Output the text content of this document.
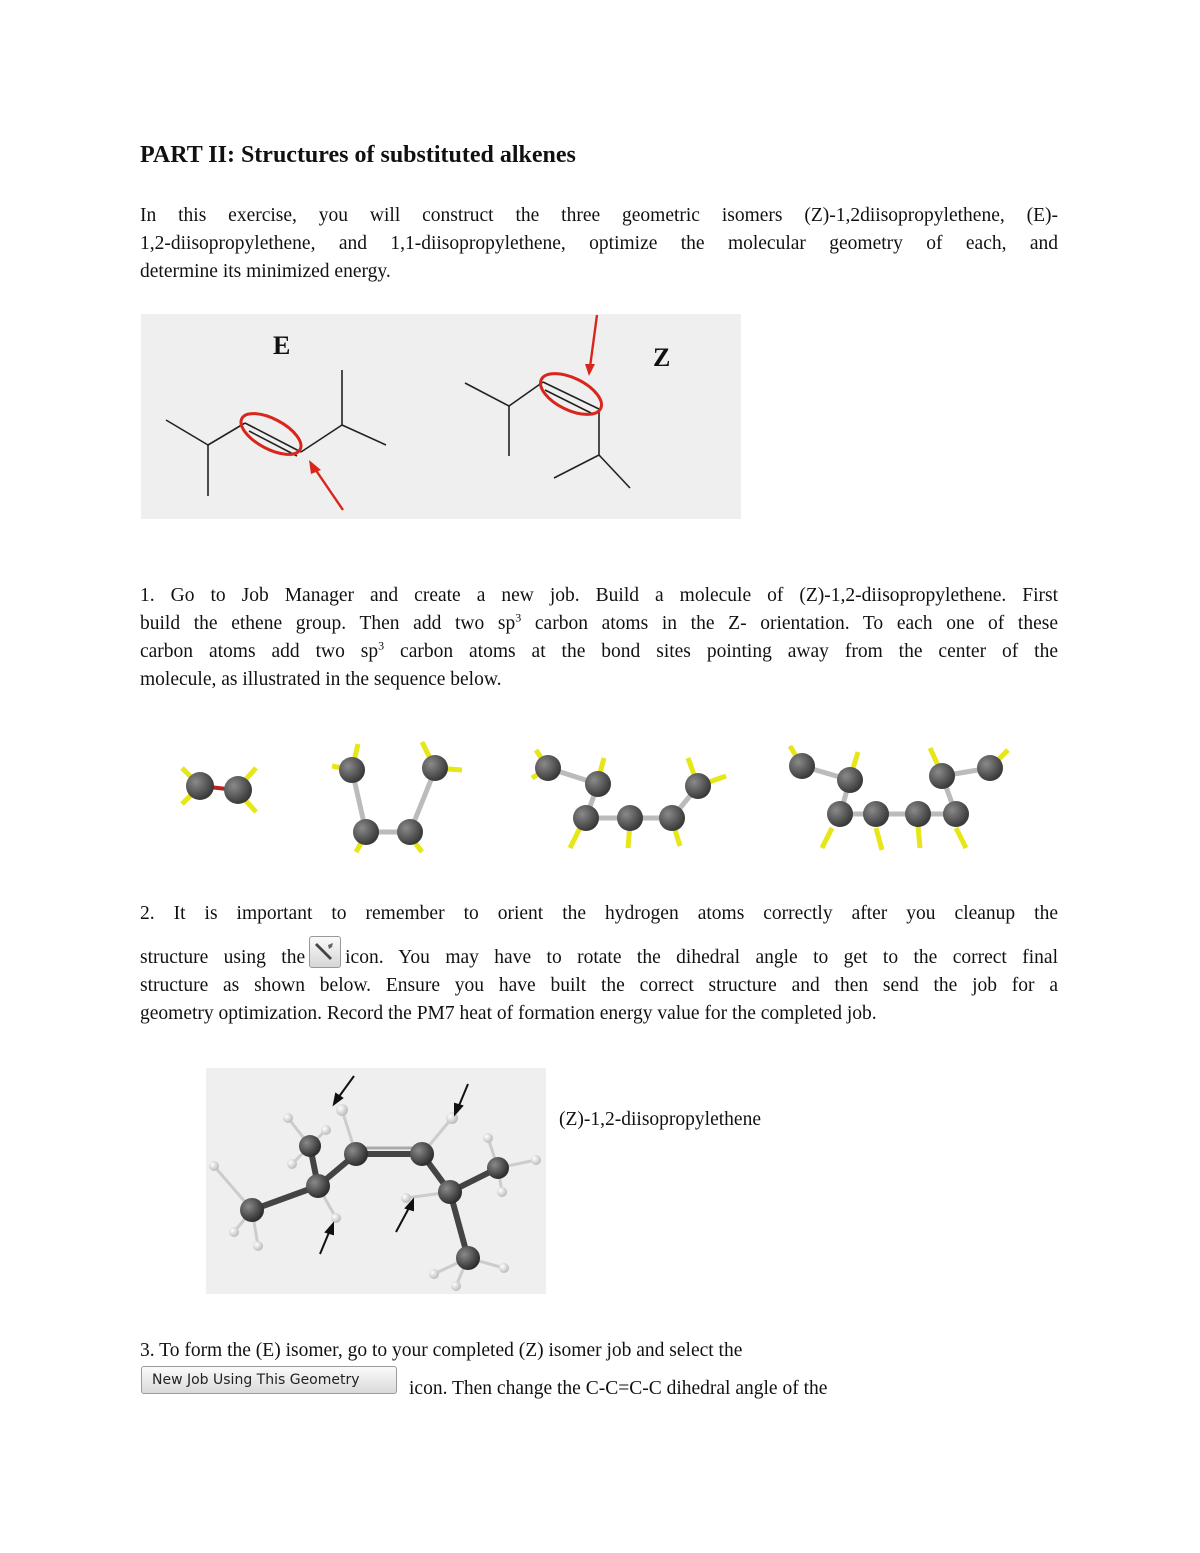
PART II: Structures of substituted alkenes
In this exercise, you will construct the three geometric isomers (Z)-1,2diisopropylethene, (E)-
1,2-diisopropylethene, and 1,1-diisopropylethene, optimize the molecular geometry of each, and
determine its minimized energy.
E	Z
1. Go to Job Manager and create a new job. Build a molecule of (Z)-1,2-diisopropylethene. First
build the ethene group. Then add two $sp^3$ carbon atoms in the Z- orientation. To each one of these
carbon atoms add two $sp^3$ carbon atoms at the bond sites pointing away from the center of the
molecule, as illustrated in the sequence below.
2. It is important to remember to orient the hydrogen atoms correctly after you cleanup the
structure using the icon. You may have to rotate the dihedral angle to get to the correct final
structure as shown below. Ensure you have built the correct structure and then send the job for a
geometry optimization. Record the PM7 heat of formation energy value for the completed job.
(Z)-1,2-diisopropylethene
3. To form the (E) isomer, go to your completed (Z) isomer job and select the
New Job Using This Geometry	icon. Then change the C-C=C-C dihedral angle of the
